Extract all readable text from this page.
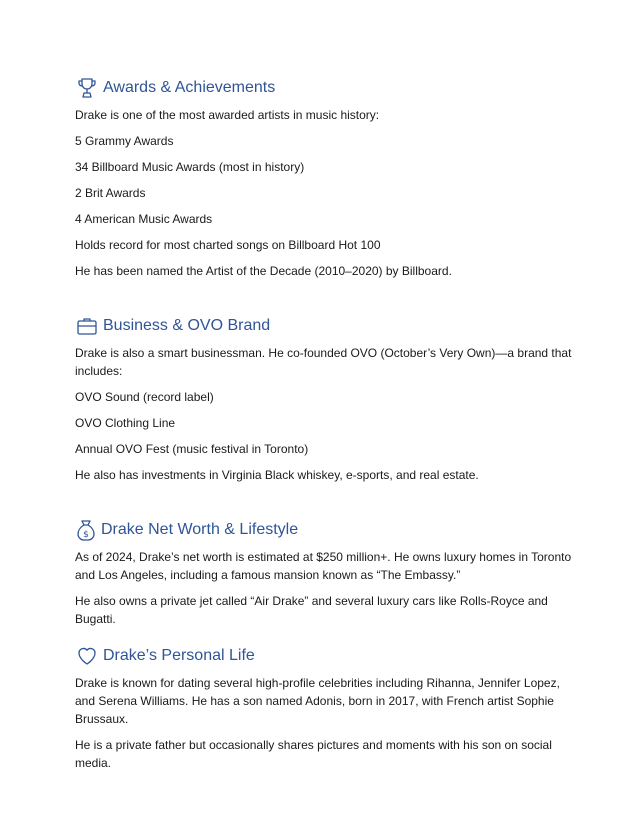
Awards & Achievements

Drake is one of the most awarded artists in music history:

5 Grammy Awards
34 Billboard Music Awards (most in history)
2 Brit Awards
4 American Music Awards
Holds record for most charted songs on Billboard Hot 100
He has been named the Artist of the Decade (2010–2020) by Billboard.
Business & OVO Brand

Drake is also a smart businessman. He co-founded OVO (October’s Very Own)—a brand that includes:

OVO Sound (record label)
OVO Clothing Line
Annual OVO Fest (music festival in Toronto)
He also has investments in Virginia Black whiskey, e-sports, and real estate.
$ Drake Net Worth & Lifestyle

As of 2024, Drake’s net worth is estimated at $250 million+. He owns luxury homes in Toronto and Los Angeles, including a famous mansion known as “The Embassy.”

He also owns a private jet called “Air Drake” and several luxury cars like Rolls-Royce and Bugatti.

Drake’s Personal Life

Drake is known for dating several high-profile celebrities including Rihanna, Jennifer Lopez, and Serena Williams. He has a son named Adonis, born in 2017, with French artist Sophie Brussaux.

He is a private father but occasionally shares pictures and moments with his son on social media.
